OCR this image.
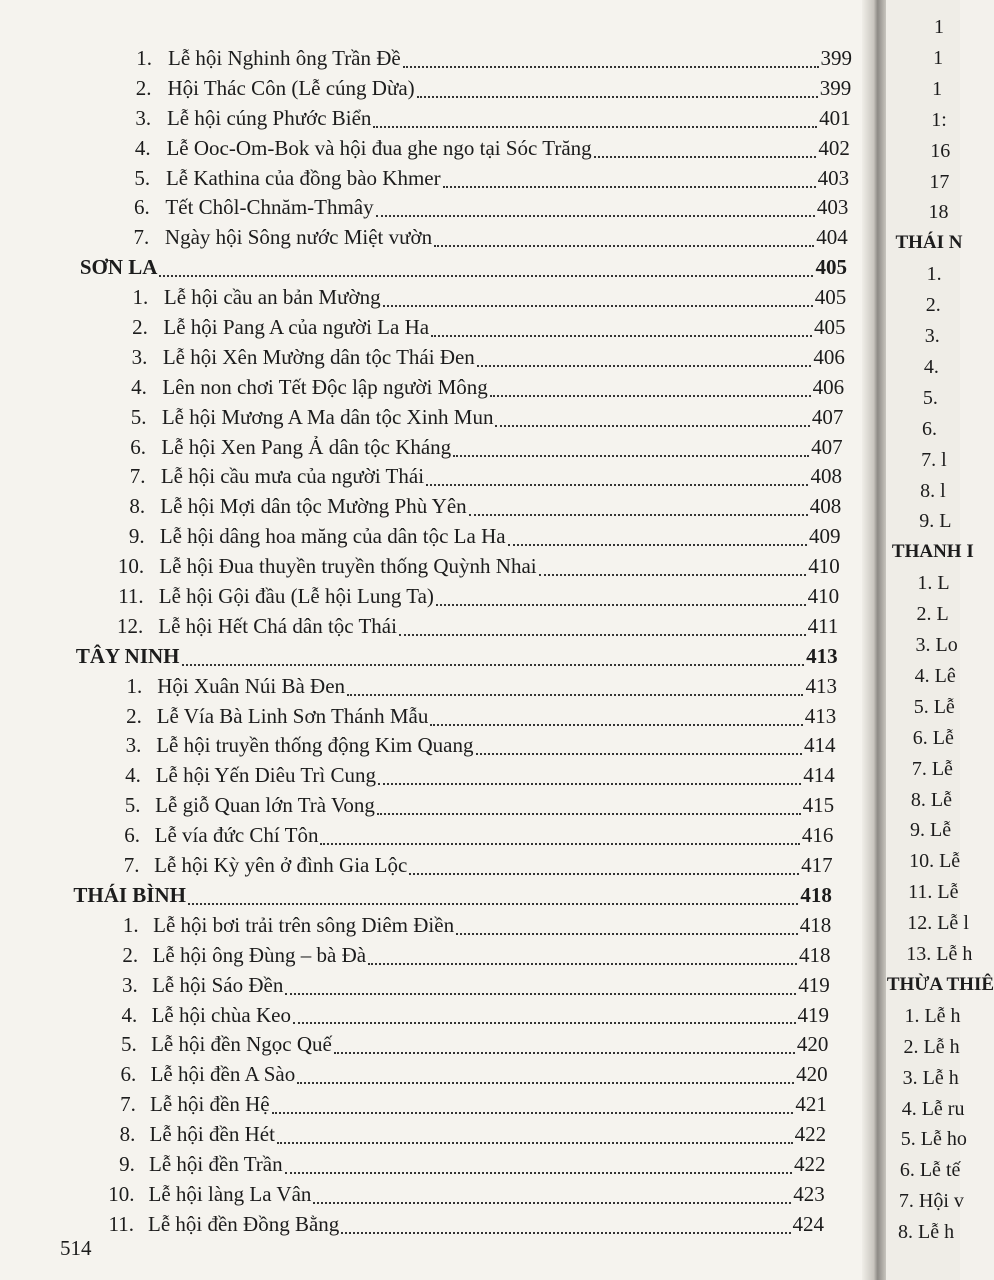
1. Lễ hội Nghinh ông Trần Đề	399
2. Hội Thác Côn (Lễ cúng Dừa)	399
3. Lễ hội cúng Phước Biển	401
4. Lễ Ooc-Om-Bok và hội đua ghe ngo tại Sóc Trăng	402
5. Lễ Kathina của đồng bào Khmer	403
6. Tết Chôl-Chnăm-Thmây	403
7. Ngày hội Sông nước Miệt vườn	404
SƠN LA	405
1. Lễ hội cầu an bản Mường	405
2. Lễ hội Pang A của người La Ha	405
3. Lễ hội Xên Mường dân tộc Thái Đen	406
4. Lên non chơi Tết Độc lập người Mông	406
5. Lễ hội Mương A Ma dân tộc Xinh Mun	407
6. Lễ hội Xen Pang Ả dân tộc Kháng	407
7. Lễ hội cầu mưa của người Thái	408
8. Lễ hội Mợi dân tộc Mường Phù Yên	408
9. Lễ hội dâng hoa măng của dân tộc La Ha	409
10. Lễ hội Đua thuyền truyền thống Quỳnh Nhai	410
11. Lễ hội Gội đầu (Lễ hội Lung Ta)	410
12. Lễ hội Hết Chá dân tộc Thái	411
TÂY NINH	413
1. Hội Xuân Núi Bà Đen	413
2. Lễ Vía Bà Linh Sơn Thánh Mẫu	413
3. Lễ hội truyền thống động Kim Quang	414
4. Lễ hội Yến Diêu Trì Cung	414
5. Lễ giỗ Quan lớn Trà Vong	415
6. Lễ vía đức Chí Tôn	416
7. Lễ hội Kỳ yên ở đình Gia Lộc	417
THÁI BÌNH	418
1. Lễ hội bơi trải trên sông Diêm Điền	418
2. Lễ hội ông Đùng – bà Đà	418
3. Lễ hội Sáo Đền	419
4. Lễ hội chùa Keo	419
5. Lễ hội đền Ngọc Quế	420
6. Lễ hội đền A Sào	420
7. Lễ hội đền Hệ	421
8. Lễ hội đền Hét	422
9. Lễ hội đền Trần	422
10. Lễ hội làng La Vân	423
11. Lễ hội đền Đồng Bằng	424
514
1
1
1
1:
16
17
18
THÁI N
1.
2.
3.
4.
5.
6.
7. l
8. l
9. L
THANH I
1. L
2. L
3. Lo
4. Lê
5. Lễ
6. Lễ
7. Lễ
8. Lễ
9. Lễ
10. Lễ
11. Lễ
12. Lễ l
13. Lễ h
THỪA THIÊ
1. Lễ h
2. Lễ h
3. Lễ h
4. Lễ ru
5. Lễ ho
6. Lễ tế
7. Hội v
8. Lễ h
